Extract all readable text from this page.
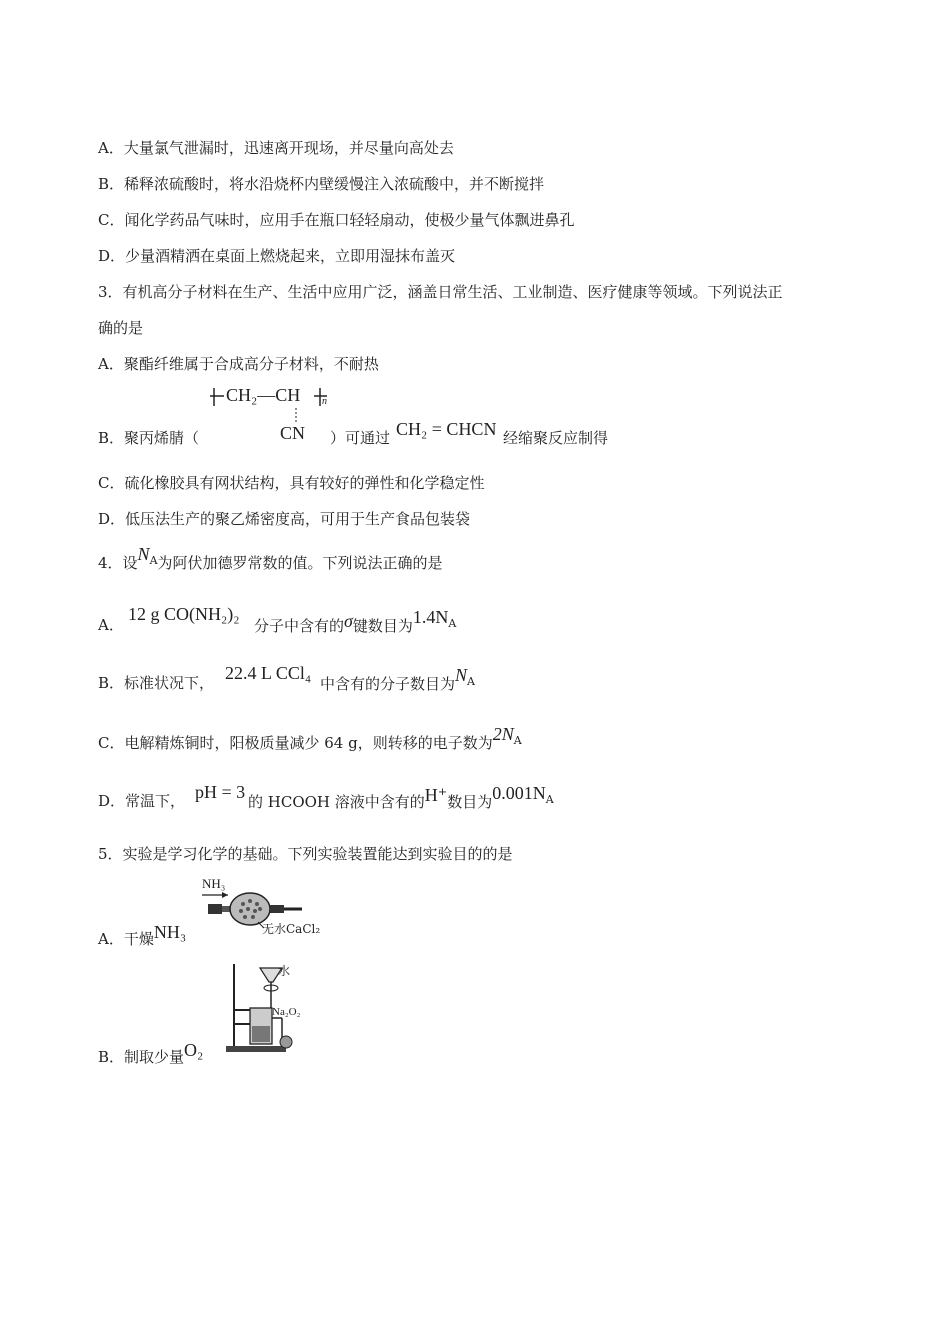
A．大量氯气泄漏时，迅速离开现场，并尽量向高处去
B．稀释浓硫酸时，将水沿烧杯内壁缓慢注入浓硫酸中，并不断搅拌
C．闻化学药品气味时，应用手在瓶口轻轻扇动，使极少量气体飘进鼻孔
D．少量酒精洒在桌面上燃烧起来，立即用湿抹布盖灭
3．有机高分子材料在生产、生活中应用广泛，涵盖日常生活、工业制造、医疗健康等领域。下列说法正
确的是
A．聚酯纤维属于合成高分子材料，不耐热
CH₂—CH n
CN
B．聚丙烯腈（	）可通过 CH₂ = CHCN 经缩聚反应制得
C．硫化橡胶具有网状结构，具有较好的弹性和化学稳定性
D．低压法生产的聚乙烯密度高，可用于生产食品包装袋
4．设$N_A$为阿伏加德罗常数的值。下列说法正确的是
A．
12 g CO(NH₂)₂
分子中含有的σ键数目为$1.4N_A$
B．标准状况下， 22.4 L CCl₄
中含有的分子数目为$N_A$
C．电解精炼铜时，阳极质量减少 64 g，则转移的电子数为$2N_A$
D．常温下， pH = 3 的 HCOOH 溶液中含有的H⁺数目为$0.001N_A$
5．实验是学习化学的基础。下列实验装置能达到实验目的的是
A．干燥NH₃
NH₃
无水CaCl₂
B．制取少量O₂
水
Na₂O₂
